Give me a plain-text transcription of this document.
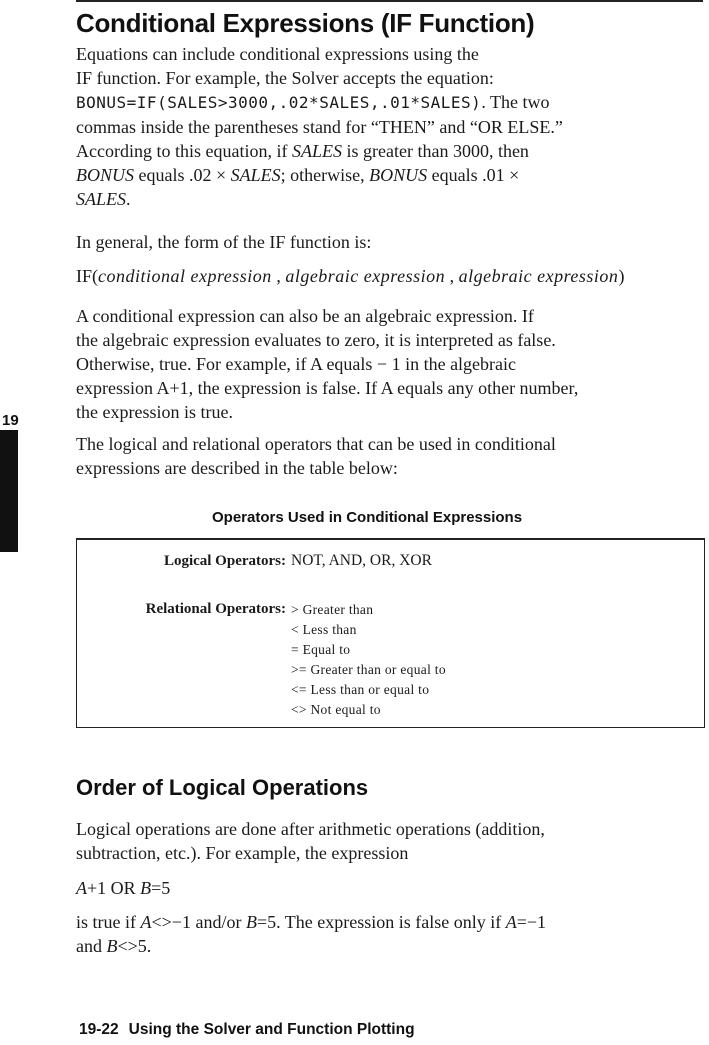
Conditional Expressions (IF Function)
Equations can include conditional expressions using the
IF function. For example, the Solver accepts the equation:
BONUS=IF(SALES>3000,.02*SALES,.01*SALES). The two
commas inside the parentheses stand for “THEN” and “OR ELSE.”
According to this equation, if SALES is greater than 3000, then
BONUS equals .02 × SALES; otherwise, BONUS equals .01 ×
SALES.
In general, the form of the IF function is:
IF(conditional expression , algebraic expression , algebraic expression)
A conditional expression can also be an algebraic expression. If
the algebraic expression evaluates to zero, it is interpreted as false.
Otherwise, true. For example, if A equals − 1 in the algebraic
expression A+1, the expression is false. If A equals any other number,
the expression is true.
19
The logical and relational operators that can be used in conditional
expressions are described in the table below:
Operators Used in Conditional Expressions
Logical Operators: NOT, AND, OR, XOR
Relational Operators: > Greater than
< Less than
= Equal to
>= Greater than or equal to
<= Less than or equal to
<> Not equal to
Order of Logical Operations
Logical operations are done after arithmetic operations (addition,
subtraction, etc.). For example, the expression
A+1 OR B=5
is true if A<>−1 and/or B=5. The expression is false only if A=−1
and B<>5.
19-22 Using the Solver and Function Plotting
